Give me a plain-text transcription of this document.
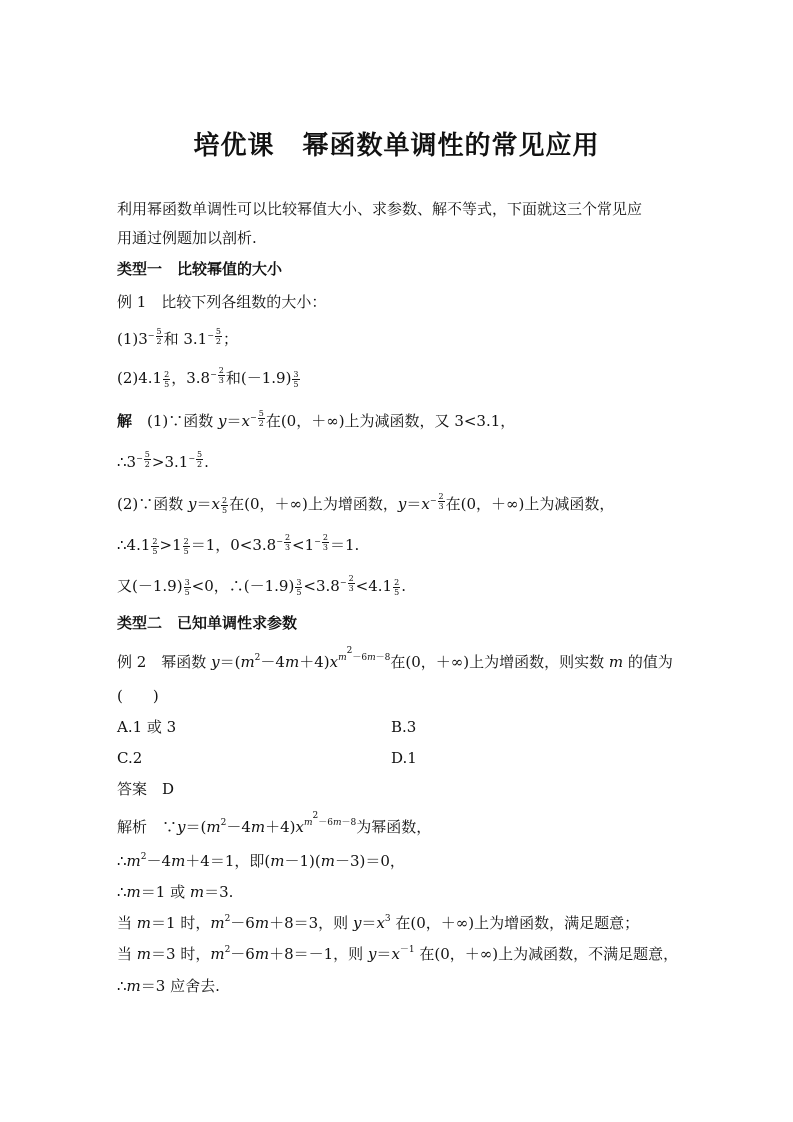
培优课 幂函数单调性的常见应用
利用幂函数单调性可以比较幂值大小、求参数、解不等式，下面就这三个常见应
用通过例题加以剖析.
类型一　比较幂值的大小
例 1　比较下列各组数的大小：
$(1)3 - \frac{5}{2}$ 和 $3.1 - \frac{5}{2}$ ；
$(2)4.1 \frac{2}{5}$ ，$3.8 - \frac{2}{3}$ 和$(-1.9) \frac{3}{5}$
解　(1)∵函数 $y=x - \frac{5}{2}$ 在(0，＋∞)上为减函数，又 3<3.1，
∴3 − $\frac{5}{2} >3.1 - \frac{5}{2}$ .
(2)∵函数 $y=x \frac{2}{5}$ 在(0，＋∞)上为增函数，$y=x - \frac{2}{3}$ 在(0，＋∞)上为减函数，
∴4.1 $\frac{2}{5} >1 \frac{2}{5} =1$，$0<3.8 - \frac{2}{3} <1 - \frac{2}{3} =1$.
又$(-1.9) \frac{3}{5} <0$，∴(－1.9) $\frac{3}{5} <3.8 - \frac{2}{3} <4.1 \frac{2}{5}$ .
类型二　已知单调性求参数
例 2　幂函数 $y=(m^2-4m+4)x^{m^2-6m-8}$在(0，＋∞)上为增函数，则实数 m 的值为
(　　)
A.1 或 3	B.3
C.2	D.1
答案　D
解析　$\because y=(m^2-4m+4)x^{m^2-6m-8}$为幂函数，
$\therefore m^2-4m+4=1$，即(m－1)(m－3)＝0，
∴m＝1 或 m＝3.
当 m＝1 时，$m^2-6m+8=3$，则 $y=x^3$ 在(0，＋∞)上为增函数，满足题意；
当 m＝3 时，$m^2-6m+8=-1$，则 $y=x^{-1}$ 在(0，＋∞)上为减函数，不满足题意，
∴m＝3 应舍去.
